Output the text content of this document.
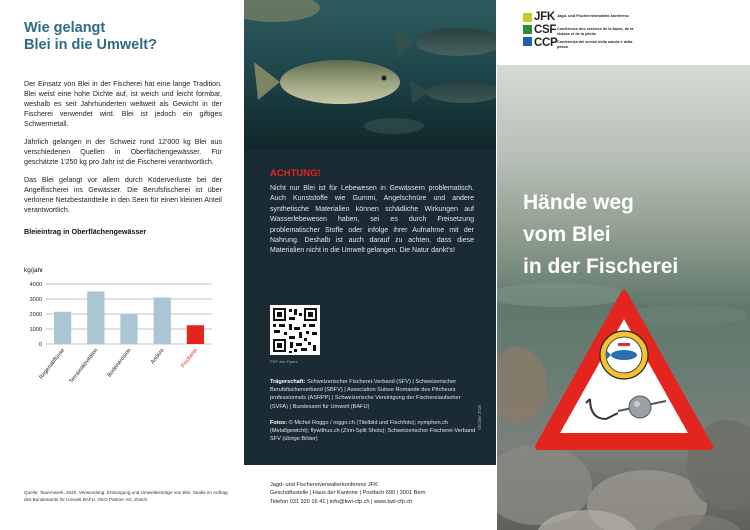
Wie gelangt
Blei in die Umwelt?

Der Einsatz von Blei in der Fischerei hat eine lange Tradition. Blei weist eine hohe Dichte auf, ist weich und leicht formbar, weshalb es seit Jahrhunderten weltweit als Gewicht in der Fischerei verwendet wird. Blei ist jedoch ein giftiges Schwermetall.

Jährlich gelangen in der Schweiz rund 12'000 kg Blei aus verschiedenen Quellen in Oberflächengewässer. Für geschätzte 1'250 kg pro Jahr ist die Fischerei verantwortlich.

Das Blei gelangt vor allem durch Köderverluste bei der Angelfischerei ins Gewässer. Die Berufsfischerei ist über verlorene Netzbestandteile in den Seen für einen kleinen Anteil verantwortlich.

Bleieintrag in Oberflächengewässer
kg/jahr
0
1000
2000
3000
4000
Regenabflüsse Terrainaktivitäten Bodenerosion	Andere	Fischerei
Quelle: Tauernwerk, 2020. Verwendung, Entsorgung und Umwelteinträge von Blei. Studie im Auftrag des Bundesamts für Umwelt BAFU. GEO Partner AG, Zürich.
ACHTUNG!

Nicht nur Blei ist für Lebewesen in Gewässern problematisch. Auch Kunststoffe wie Gummi, Angelschnüre und andere synthetische Materialien können schädliche Wirkungen auf Wasserlebewesen haben, sei es durch Freisetzung problematischer Stoffe oder infolge ihrer Aufnahme mit der Nahrung. Deshalb ist auch darauf zu achten, dass diese Materialien nicht in die Umwelt gelangen. Die Natur dankt's!

PDF des Flyers

Trägerschaft: Schweizerischer Fischerei-Verband (SFV) | Schweizerischer Berufsfischerverband (SBFV) | Association Suisse Romande des Pêcheurs professionnels (ASRPP) | Schweizerische Vereinigung der Fischereiaufseher (SVFA) | Bundesamt für Umwelt (BAFU)

Fotos: © Michel Roggo / roggo.ch (Titelbild und Fischfoto); nymphen.ch (Metallgewicht); flywithus.ch (Zinn-Split Shots); Schweizerischer Fischerei-Verband SFV (übrige Bilder)

Oktober 2020
Jagd- und Fischereiverwalterkonferenz JFK
Geschäftsstelle | Haus der Kantone | Postfach 690 | 3001 Bern
Telefon 031 320 16 41 | info@kwl-cfp.ch | www.kwl-cfp.ch
JFK
CSF
CCP
Jagd- und Fischereiverwalter-konferenz
Conférence des services de la faune, de la chasse et de la pêche
Conferenza dei servizi della caccia e della pesca
Hände weg
vom Blei
in der Fischerei
